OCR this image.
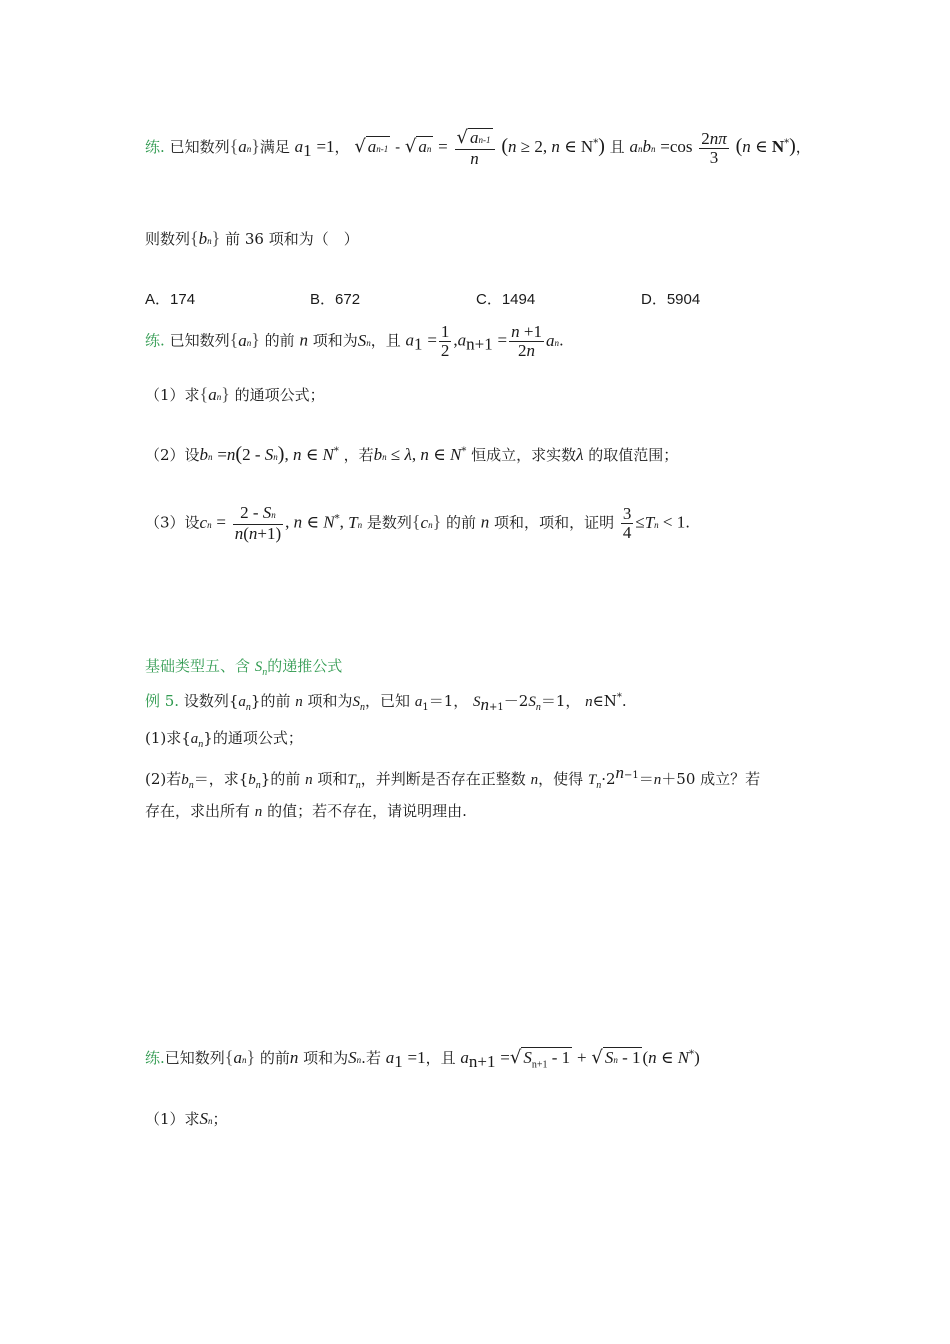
练. 已知数列{an}满足 $a_1 =1$， √ an-1 - √ an = $\frac{√ an-1}{n} (n \ge 2$, n ∈ N*) 且 anbn $=\cos \frac{2n\pi}{3} (n$ ∈ N*)，
则数列{bn} 前 36 项和为（　）
A．174	B．672	C．1494	D．5904
练. 已知数列{an} 的前 n 项和为Sn，且 $a_1 = \frac{1}{2} ,a_{n+1} = \frac{n +1}{2n}$ an.
（1）求{an} 的通项公式；
（2）设bn =n(2 - Sn), n ∈ N* ，若bn ≤ λ, n ∈ N* 恒成立，求实数λ 的取值范围；
（3）设cn = $\frac{2 - Sn}{n(n+1)}$ , n ∈ N*, Tn 是数列{cn} 的前 n 项和，项和，证明 $\frac{3}{4} \le Tn < 1$.
基础类型五、含 $S_n$的递推公式
例 5. 设数列$\{a_n\}$的前 n 项和为$S_n$，已知 $a_1=1$， $S_{n+1}-2S_n=1$， n∈N*.
(1)求$\{a_n\}$的通项公式；
(2)若$b_n=$，求$\{b_n\}$的前 n 项和$T_n$，并判断是否存在正整数 n，使得 $T_n\cdot 2^{n-1}=n+50$ 成立？若
存在，求出所有 n 的值；若不存在，请说明理由.
练.已知数列{an} 的前n 项和为Sn.若 $a_1 =1$，且 $a_{n+1}$ =√ $S_{n+1} - 1$ + √ Sn - 1 (n ∈ N*)
（1）求Sn；
